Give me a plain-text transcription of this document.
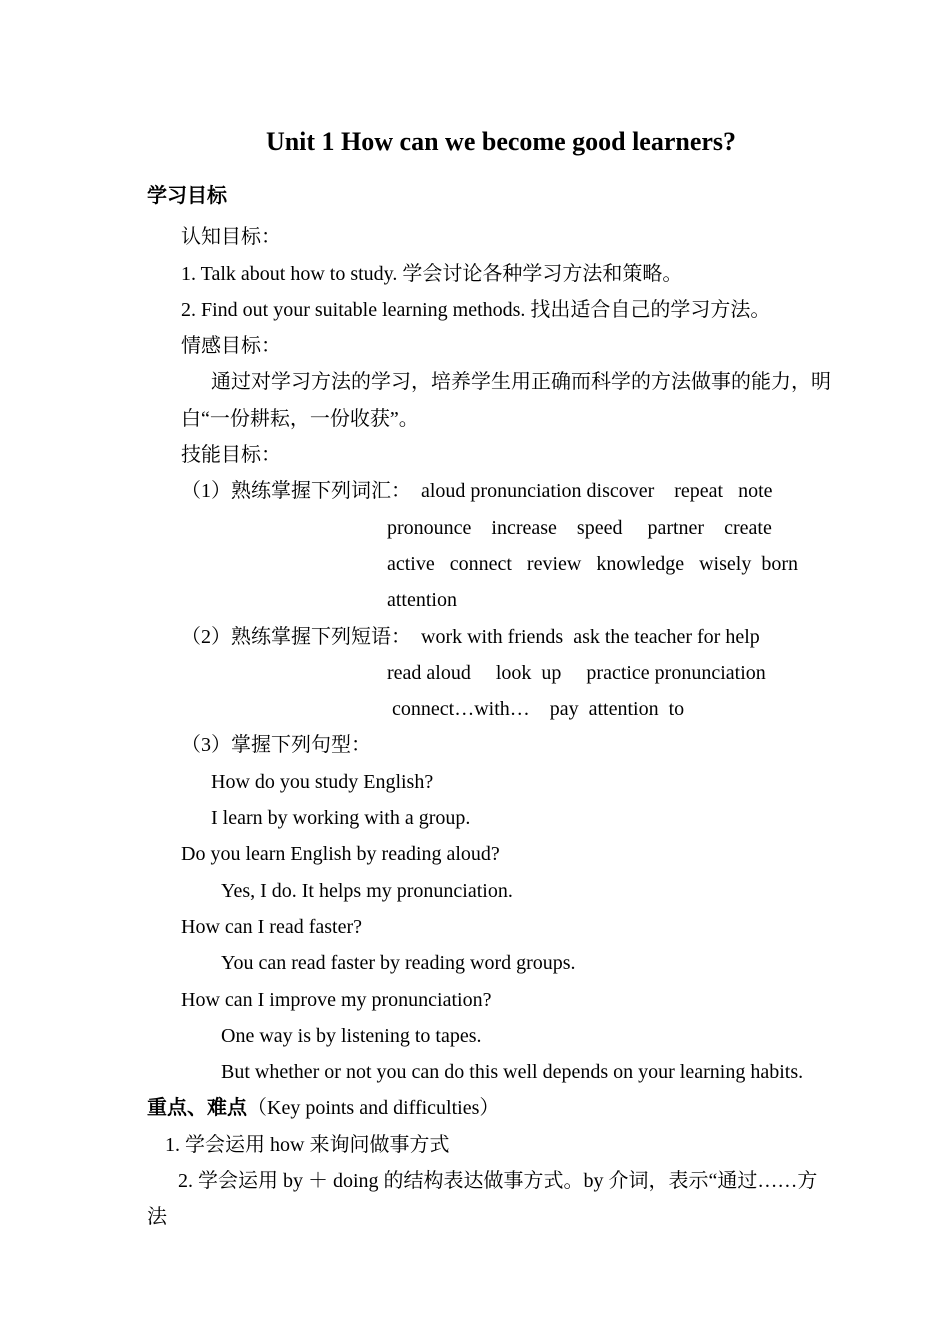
Unit 1 How can we become good learners?

学习目标

认知目标：

1. Talk about how to study. 学会讨论各种学习方法和策略。

2. Find out your suitable learning methods. 找出适合自己的学习方法。

情感目标：

通过对学习方法的学习，培养学生用正确而科学的方法做事的能力，明

白“一份耕耘，一份收获”。

技能目标：

（1）熟练掌握下列词汇：  aloud pronunciation discover    repeat   note

pronounce    increase    speed     partner    create

active   connect   review   knowledge   wisely  born

attention

（2）熟练掌握下列短语：  work with friends  ask the teacher for help

read aloud     look  up     practice pronunciation

connect…with…    pay  attention  to

（3）掌握下列句型：

How do you study English?

I learn by working with a group.

Do you learn English by reading aloud?

Yes, I do. It helps my pronunciation.

How can I read faster?

You can read faster by reading word groups.

How can I improve my pronunciation?

One way is by listening to tapes.

But whether or not you can do this well depends on your learning habits.

重点、难点（Key points and difficulties）

1. 学会运用 how 来询问做事方式

2. 学会运用 by ＋ doing 的结构表达做事方式。by 介词，表示“通过……方

法
